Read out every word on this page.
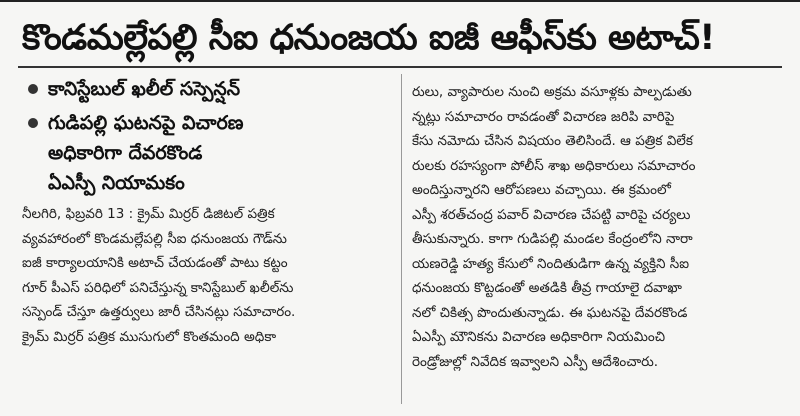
కొండమల్లేపల్లి సీఐ ధనుంజయ ఐజీ ఆఫీస్‌కు అటాచ్!
కానిస్టేబుల్ ఖలీల్ సస్పెన్షన్
గుడిపల్లి ఘటనపై విచారణ
అధికారిగా దేవరకొండ
ఏఎస్పీ నియామకం
నీలగిరి, ఫిబ్రవరి 13 : క్రైమ్ మిర్రర్ డిజిటల్ పత్రిక
వ్యవహారంలో కొండమల్లేపల్లి సీఐ ధనుంజయ గౌడ్‌ను
ఐజీ కార్యాలయానికి అటాచ్ చేయడంతో పాటు కట్టం
గూర్ పీఎస్ పరిధిలో పనిచేస్తున్న కానిస్టేబుల్ ఖలీల్‌ను
సస్పెండ్ చేస్తూ ఉత్తర్వులు జారీ చేసినట్లు సమాచారం.
క్రైమ్ మిర్రర్ పత్రిక ముసుగులో కొంతమంది అధికా
రులు, వ్యాపారుల నుంచి అక్రమ వసూళ్లకు పాల్పడుతు
న్నట్లు సమాచారం రావడంతో విచారణ జరిపి వారిపై
కేసు నమోదు చేసిన విషయం తెలిసిందే. ఆ పత్రిక విలేక
రులకు రహస్యంగా పోలీస్ శాఖ అధికారులు సమాచారం
అందిస్తున్నారని ఆరోపణలు వచ్చాయి. ఈ క్రమంలో
ఎస్పీ శరత్‌చంద్ర పవార్ విచారణ చేపట్టి వారిపై చర్యలు
తీసుకున్నారు. కాగా గుడిపల్లి మండల కేంద్రంలోని నారా
యణరెడ్డి హత్య కేసులో నిందితుడిగా ఉన్న వ్యక్తిని సీఐ
ధనుంజయ కొట్టడంతో అతడికి తీవ్ర గాయాలై దవాఖా
నలో చికిత్స పొందుతున్నాడు. ఈ ఘటనపై దేవరకొండ
ఏఎస్పీ మౌనికను విచారణ అధికారిగా నియమించి
రెండ్రోజుల్లో నివేదిక ఇవ్వాలని ఎస్పీ ఆదేశించారు.
